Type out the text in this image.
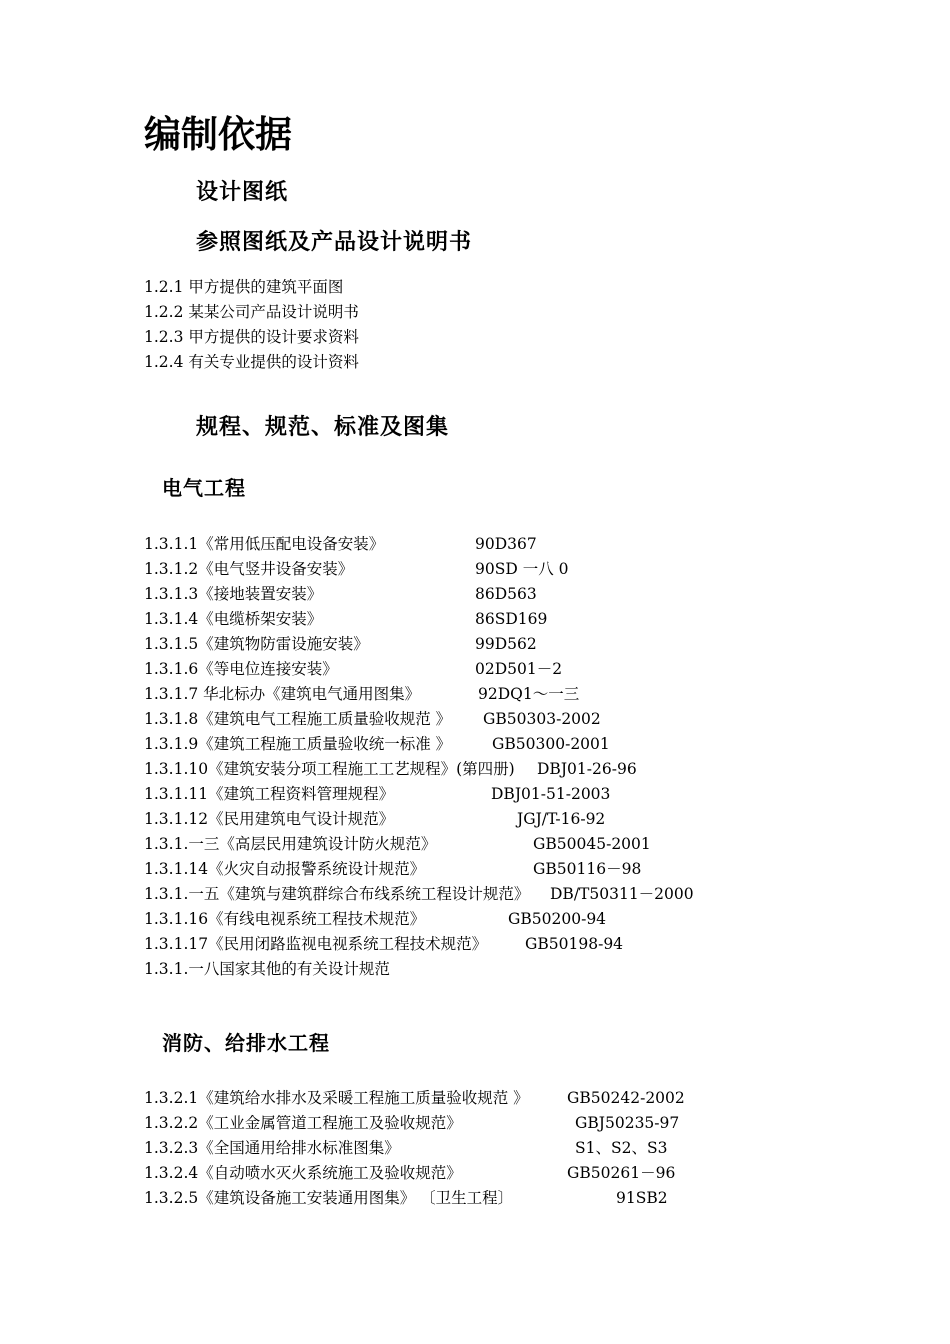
编制依据
设计图纸
参照图纸及产品设计说明书
1.2.1 甲方提供的建筑平面图
1.2.2 某某公司产品设计说明书
1.2.3 甲方提供的设计要求资料
1.2.4 有关专业提供的设计资料
规程、规范、标准及图集
电气工程
1.3.1.1《常用低压配电设备安装》	90D367
1.3.1.2《电气竖井设备安装》	90SD 一八 0
1.3.1.3《接地装置安装》	86D563
1.3.1.4《电缆桥架安装》	86SD169
1.3.1.5《建筑物防雷设施安装》	99D562
1.3.1.6《等电位连接安装》	02D501－2
1.3.1.7 华北标办《建筑电气通用图集》	92DQ1～一三
1.3.1.8《建筑电气工程施工质量验收规范 》 GB50303-2002
1.3.1.9《建筑工程施工质量验收统一标准 》	GB50300-2001
1.3.1.10《建筑安装分项工程施工工艺规程》(第四册) DBJ01-26-96
1.3.1.11《建筑工程资料管理规程》	DBJ01-51-2003
1.3.1.12《民用建筑电气设计规范》	JGJ/T-16-92
1.3.1.一三《高层民用建筑设计防火规范》	GB50045-2001
1.3.1.14《火灾自动报警系统设计规范》	GB50116－98
1.3.1.一五《建筑与建筑群综合布线系统工程设计规范》 DB/T50311－2000
1.3.1.16《有线电视系统工程技术规范》	GB50200-94
1.3.1.17《民用闭路监视电视系统工程技术规范》 GB50198-94
1.3.1.一八国家其他的有关设计规范
消防、给排水工程
1.3.2.1《建筑给水排水及采暖工程施工质量验收规范 》 GB50242-2002
1.3.2.2《工业金属管道工程施工及验收规范》	GBJ50235-97
1.3.2.3《全国通用给排水标准图集》	S1、S2、S3
1.3.2.4《自动喷水灭火系统施工及验收规范》	GB50261－96
1.3.2.5《建筑设备施工安装通用图集》 〔卫生工程〕	91SB2
